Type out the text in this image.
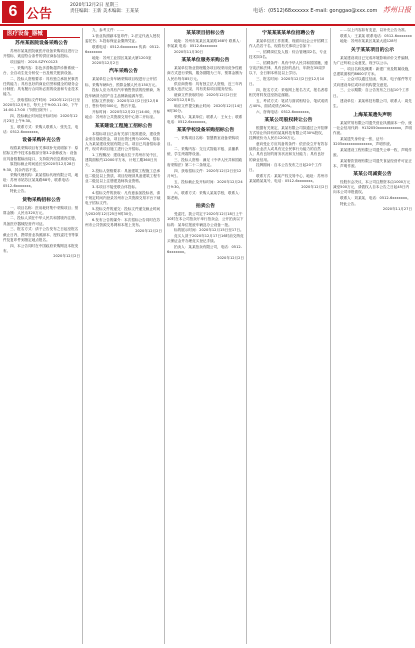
6 公告
2020年12月2日 星期三
责任编辑：王新 美术编辑：王某某	电话：(0512)68xxxxxx E-mail: gonggao@xxx.com 苏州日报
医疗设备_器械
苏州某医院设备采购公告

苏州市某某医院就医疗设备采购项目进行公开招标，欢迎符合条件的供应商参加投标。

项目编号：2020-SZYY-0123

一、采购内容：彩色多普勒超声诊断系统一台、全自动生化分析仪一台及相关配套设备。

二、投标人资格要求：具有独立承担民事责任的能力；具有良好的商业信誉和健全的财务会计制度；具有履行合同所必需的设备和专业技术能力。

三、获取招标文件时间：2020年12月2日至2020年12月9日，每天上午9:00-11:30，下午14:00-17:00（节假日除外）。

四、投标截止时间及开标时间：2020年12月23日上午9:30。

五、联系方式：采购人联系人：张先生，电话：0512-6xxxxxxx。

设备采购补充公告

现将某采购项目有关事项补充说明如下：原招标文件中技术参数部分第3.2条修改为：设备应具备数据输出接口，支持院内信息系统对接。

原投标截止时间延长至2020年12月28日9:30，其余内容不变。

采购代理机构：某某招标代理有限公司，地址：苏州市姑苏区某某路88号，联系电话：0512-6xxxxxxx。

特此公告。

货物采购招标公告

一、项目名称：医用耗材集中采购项目；预算金额：人民币320万元。

二、投标人须在中华人民共和国境内注册，具备医疗器械经营许可证。

三、报名方式：请于公告发布之日起至报名截止日内，携带营业执照副本、授权委托书等原件及复印件到指定地点报名。

四、本公告同时在中国政府采购网及本报发布。

2020年12月2日

九、参考文件：……

1.营业执照副本复印件；2.法定代表人授权委托书；3.投标保证金缴纳凭证。

联系电话：0512-6xxxxxxx 传真：0512-6xxxxxxx

地址：苏州工业园区某某大厦1203室

2020年12月2日

汽车采购公告

某某单位公务车辆采购项目现进行公开招标，采购车辆5台，预算金额人民币150万元。

投标人应为具有汽车销售资质的经销商，所投车辆须为国产自主品牌新能源车型。

招标文件获取：2020年12月2日至12月8日，售价每份300元，售后不退。

开标时间：2020年12月22日14:00，开标地点：苏州市公共资源交易中心第二开标室。

某某建设工程施工招标公告

本招标项目已由有关部门批准建设，建设资金来自财政资金，项目出资比例为100%，招标人为某某建设发展有限公司。项目已具备招标条件，现对该项目施工进行公开招标。

1.工程概况：建设地点位于苏州市吴中区，建筑面积约12000平方米，计划工期360日历天。

2.投标人资格要求：具备建筑工程施工总承包二级及以上资质，项目经理须具备建筑工程专业二级及以上注册建造师执业资格。

3.本项目不接受联合体投标。

4.招标文件的获取：凡有意参加投标者，请于规定时间内登录苏州市公共资源交易平台下载电子招标文件。

5.投标文件的递交：投标文件递交截止时间为2020年12月25日9时30分。

6.发布公告的媒介：本次招标公告同时在苏州市公共资源交易网和本报上发布。

2020年12月2日

某某项目招标公告

地址：苏州市某某区某某路168号 联系人：李某某 电话：0512-6xxxxxxx

2020年11月30日

某某单位服务采购公告

某某单位物业管理服务项目现采用竞争性磋商方式进行采购，服务期限为三年，预算金额为人民币每年85万元。

供应商资格：具有独立法人资格，近三年内无重大违法记录，具有类似项目服务经验。

磋商文件获取时间：2020年12月2日至2020年12月8日。

响应文件提交截止时间：2020年12月14日9时30分。

采购人：某某单位；联系人：王女士；联系电话：0512-6xxxxxxx。

某某学校设备采购招标公告

一、采购项目名称：智慧教室设备采购项目。

二、采购内容：交互式智能平板、录播系统、学生终端等设备。

三、投标人资格：满足《中华人民共和国政府采购法》第二十二条规定。

四、获取招标文件：2020年12月2日至12月9日。

五、投标截止及开标时间：2020年12月24日9:30。

六、联系方式：采购人某某学校，联系人：陈老师。

拍卖公告

受委托，我公司定于2020年12月18日上午10时在本公司拍卖厅举行拍卖会，公开拍卖以下标的：某单位报废车辆及办公设备一批。

标的展示时间：2020年12月15日至17日。

竞买人须于2020年12月17日16时前交纳竞买保证金并办理竞买登记手续。

拍卖人：某某拍卖有限公司，电话：0512-6xxxxxxx。

2020年12月2日

宁某某某某单位招聘公告

某某单位因工作需要，现面向社会公开招聘工作人员若干名，现将有关事项公告如下：

一、招聘岗位及人数：综合管理岗2名、专业技术岗3名。

二、招聘条件：具有中华人民共和国国籍，遵守宪法和法律，具有良好的品行，年龄在35周岁以下，全日制本科及以上学历。

三、报名时间：2020年12月2日至12月10日。

四、报名方式：采取网上报名方式，报名者将相关材料发送至指定邮箱。

五、考试方式：笔试与面试相结合，笔试成绩占40%，面试成绩占60%。

六、咨询电话：0512-6xxxxxxx。

某某公司股权转让公告

根据有关规定，某某有限公司拟通过公开挂牌方式转让所持有的某某科技有限公司30%股权，挂牌底价为人民币1200万元。

意向受让方应具备的条件：依法设立并有效存续的企业法人或具有完全民事行为能力的自然人；具有良好的财务状况和支付能力；具有良好的商业信用。

挂牌期间：自本公告发布之日起20个工作日。

联系方式：某某产权交易中心，地址：苏州市某某路某某号，电话：0512-6xxxxxxx。

2020年12月2日

……以上内容如有变更，以补充公告为准。

联系人：王某某 联系电话：0512-6xxxxxxx

地址：苏州市某某区某某大道128号

关于某某项目的公示

某某建设项目已完成环境影响评价文件编制，为广泛听取公众意见，现予以公示。

一、项目名称及概要：新建厂房及附属设施，总建筑面积约8600平方米。

二、公众可以通过信函、传真、电子邮件等方式向建设单位或环评机构提交意见。

三、公示期限：自公告发布之日起10个工作日。

建设单位：某某科技有限公司，联系人：周先生。

上海某某遗失声明

某某贸易有限公司遗失营业执照副本一份，统一社会信用代码：9132050xxxxxxxxxxx，声明作废。

某某遗失身份证一张，证号：3205xxxxxxxxxxxxxx，声明作废。

某某建设工程有限公司遗失公章一枚，声明作废。

某某餐饮管理有限公司遗失食品经营许可证正本，声明作废。

某某公司减资公告

经股东会决议，本公司注册资本由1000万元减至500万元，请债权人自本公告之日起45日内向本公司申报债权。

联系人：刘某某，电话：0512-6xxxxxxx。

特此公告。

2020年11月27日
